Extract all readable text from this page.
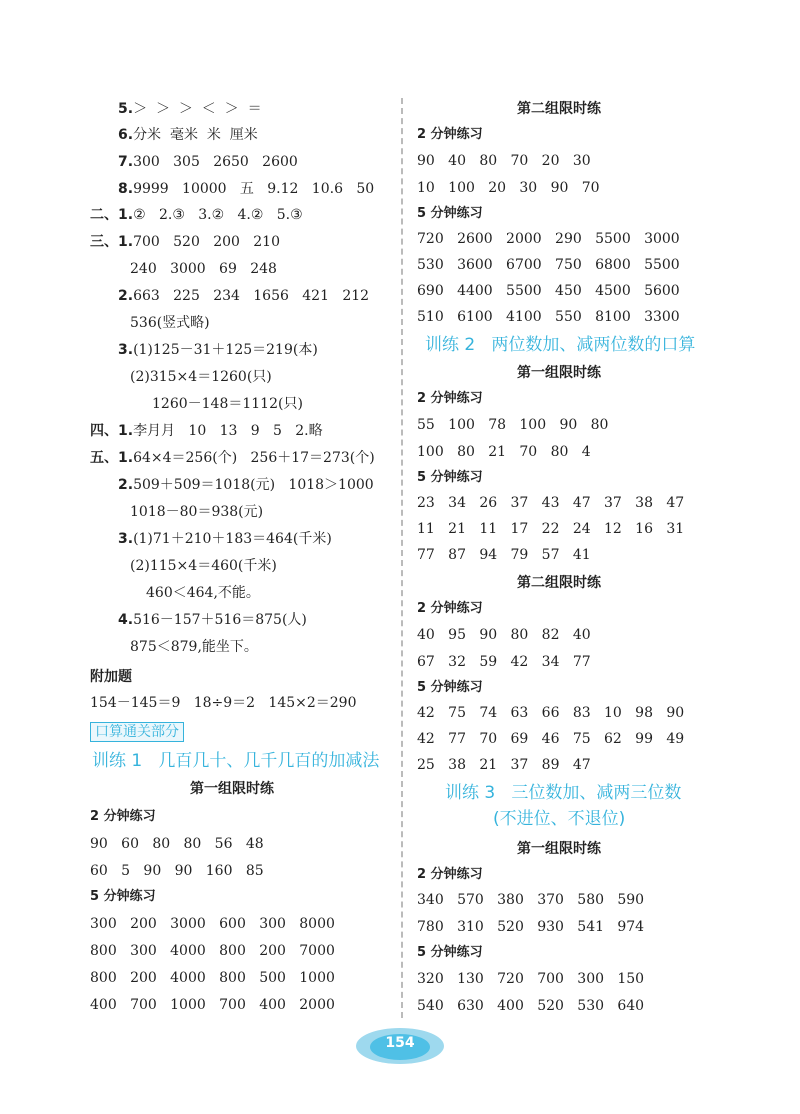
5.＞  ＞  ＞  ＜  ＞  ＝
6.分米  毫米  米  厘米
7.300   305   2650   2600
8.9999   10000   五   9.12   10.6   50
二、1.②   2.③   3.②   4.②   5.③
三、1.700   520   200   210
240   3000   69   248
2.663   225   234   1656   421   212
536(竖式略)
3.(1)125－31＋125＝219(本)
(2)315×4＝1260(只)
1260－148＝1112(只)
四、1.李月月   10   13   9   5   2.略
五、1.64×4＝256(个)   256＋17＝273(个)
2.509＋509＝1018(元)   1018＞1000
1018－80＝938(元)
3.(1)71＋210＋183＝464(千米)
(2)115×4＝460(千米)
460＜464,不能。
4.516－157＋516＝875(人)
875＜879,能坐下。
附加题
154－145＝9   18÷9＝2   145×2＝290
口算通关部分
训练 1   几百几十、几千几百的加减法
第一组限时练
2 分钟练习
90   60   80   80   56   48
60   5   90   90   160   85
5 分钟练习
300   200   3000   600   300   8000
800   300   4000   800   200   7000
800   200   4000   800   500   1000
400   700   1000   700   400   2000
第二组限时练
2 分钟练习
90   40   80   70   20   30
10   100   20   30   90   70
5 分钟练习
720   2600   2000   290   5500   3000
530   3600   6700   750   6800   5500
690   4400   5500   450   4500   5600
510   6100   4100   550   8100   3300
训练 2   两位数加、减两位数的口算
第一组限时练
2 分钟练习
55   100   78   100   90   80
100   80   21   70   80   4
5 分钟练习
23   34   26   37   43   47   37   38   47
11   21   11   17   22   24   12   16   31
77   87   94   79   57   41
第二组限时练
2 分钟练习
40   95   90   80   82   40
67   32   59   42   34   77
5 分钟练习
42   75   74   63   66   83   10   98   90
42   77   70   69   46   75   62   99   49
25   38   21   37   89   47
训练 3   三位数加、减两三位数
(不进位、不退位)
第一组限时练
2 分钟练习
340   570   380   370   580   590
780   310   520   930   541   974
5 分钟练习
320   130   720   700   300   150
540   630   400   520   530   640
154
